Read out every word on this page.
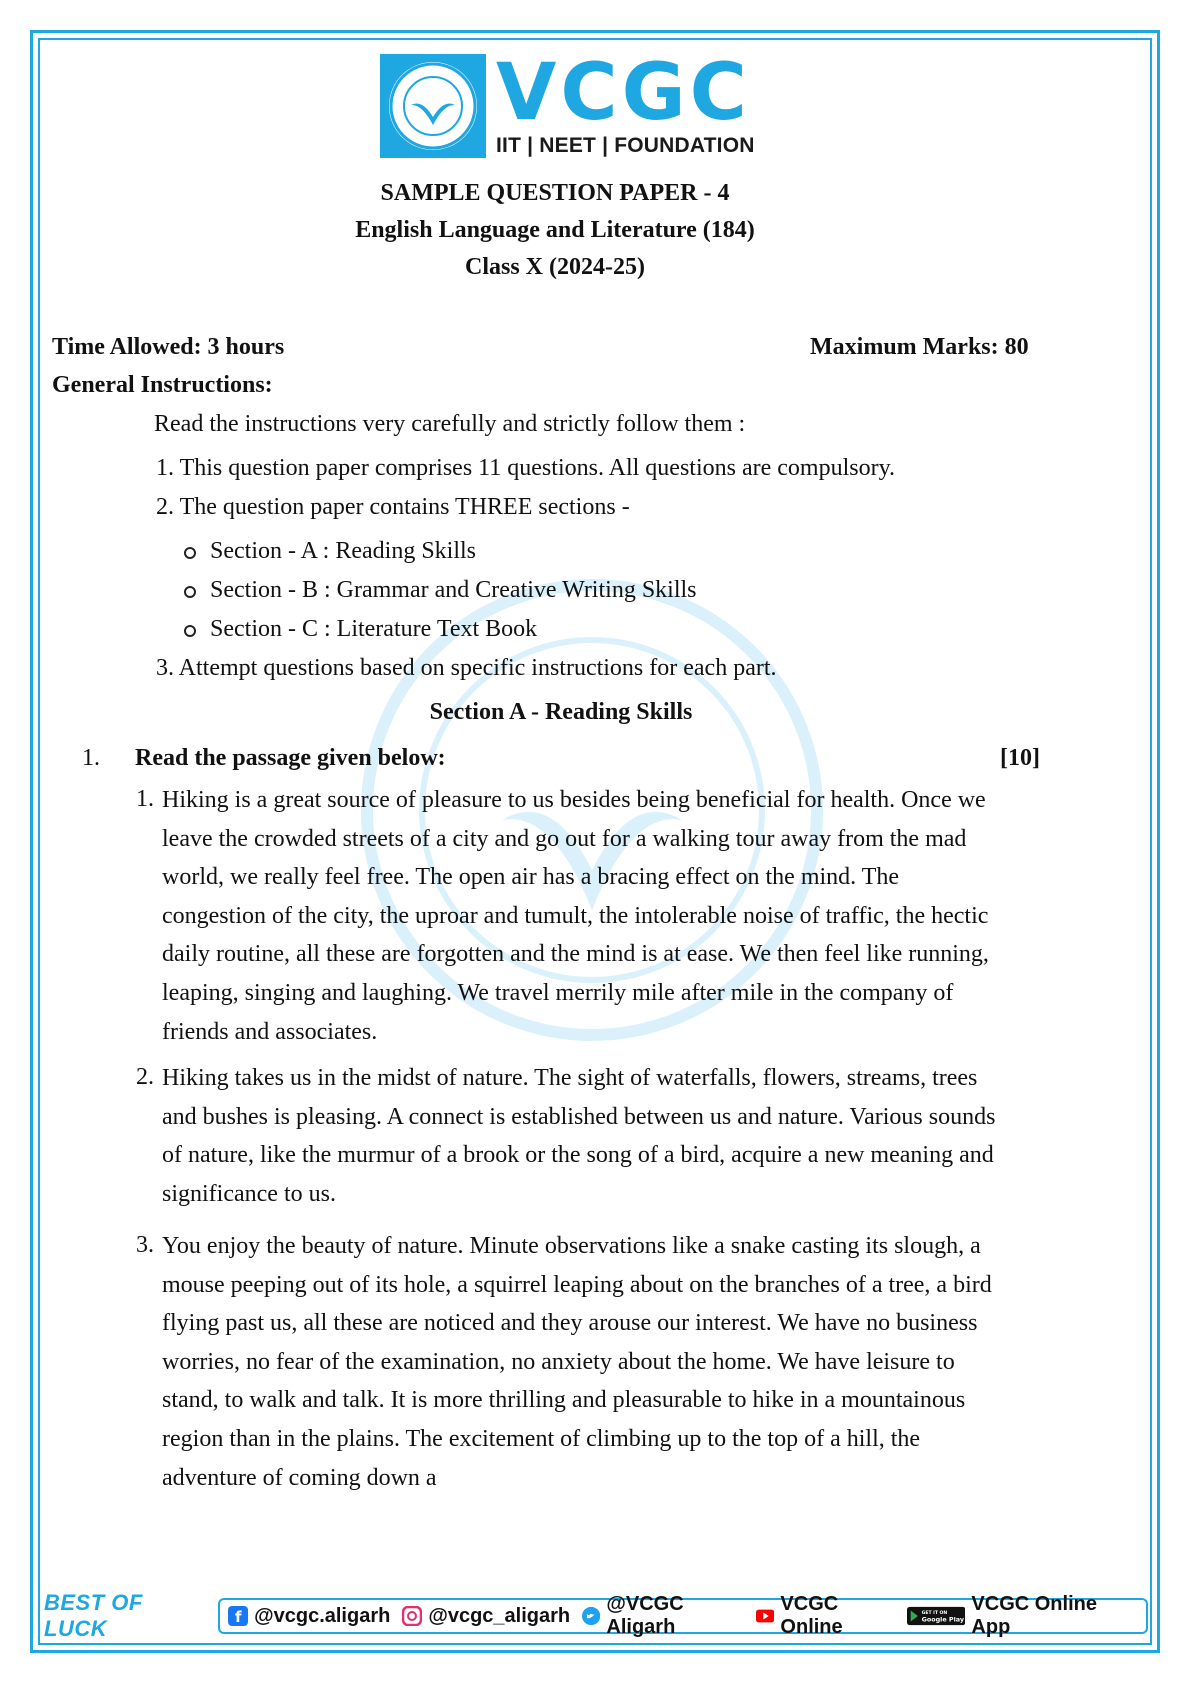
VCGC
IIT | NEET | FOUNDATION
SAMPLE QUESTION PAPER - 4
English Language and Literature (184)
Class X (2024-25)
Time Allowed: 3 hours	Maximum Marks: 80
General Instructions:
Read the instructions very carefully and strictly follow them :
1. This question paper comprises 11 questions. All questions are compulsory.
2. The question paper contains THREE sections -
Section - A : Reading Skills
Section - B : Grammar and Creative Writing Skills
Section - C : Literature Text Book
3. Attempt questions based on specific instructions for each part.
Section A - Reading Skills
1. Read the passage given below:	[10]
1. Hiking is a great source of pleasure to us besides being beneficial for health. Once we leave the crowded streets of a city and go out for a walking tour away from the mad world, we really feel free. The open air has a bracing effect on the mind. The congestion of the city, the uproar and tumult, the intolerable noise of traffic, the hectic daily routine, all these are forgotten and the mind is at ease. We then feel like running, leaping, singing and laughing. We travel merrily mile after mile in the company of friends and associates.
2. Hiking takes us in the midst of nature. The sight of waterfalls, flowers, streams, trees and bushes is pleasing. A connect is established between us and nature. Various sounds of nature, like the murmur of a brook or the song of a bird, acquire a new meaning and significance to us.
3. You enjoy the beauty of nature. Minute observations like a snake casting its slough, a mouse peeping out of its hole, a squirrel leaping about on the branches of a tree, a bird flying past us, all these are noticed and they arouse our interest. We have no business worries, no fear of the examination, no anxiety about the home. We have leisure to stand, to walk and talk. It is more thrilling and pleasurable to hike in a mountainous region than in the plains. The excitement of climbing up to the top of a hill, the adventure of coming down a
BEST OF LUCK	f @vcgc.aligarh @vcgc_aligarh
@VCGC Aligarh
VCGC Online
GET IT ON
Google Play
VCGC Online App
